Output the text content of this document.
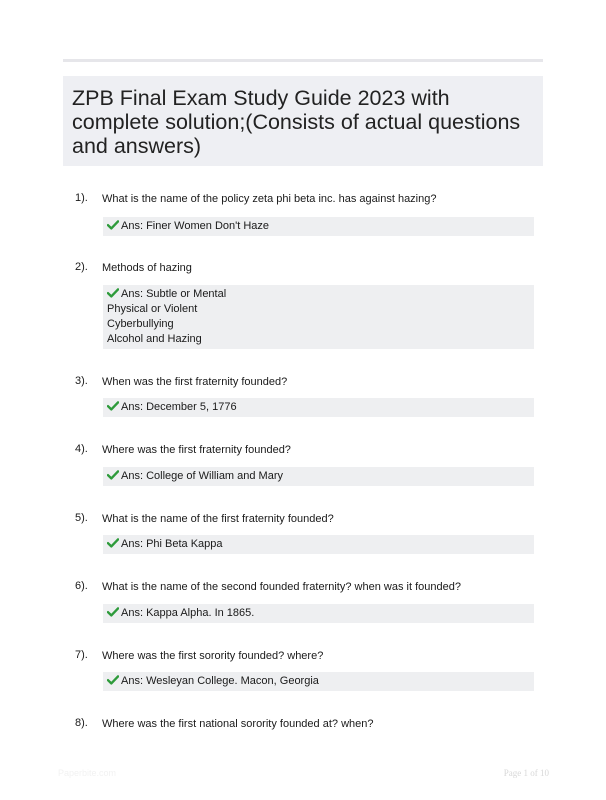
ZPB Final Exam Study Guide 2023 with complete solution;(Consists of actual questions and answers)
1). What is the name of the policy zeta phi beta inc. has against hazing?
Ans: Finer Women Don't Haze
2). Methods of hazing
Ans: Subtle or Mental
Physical or Violent
Cyberbullying
Alcohol and Hazing
3). When was the first fraternity founded?
Ans: December 5, 1776
4). Where was the first fraternity founded?
Ans: College of William and Mary
5). What is the name of the first fraternity founded?
Ans: Phi Beta Kappa
6). What is the name of the second founded fraternity? when was it founded?
Ans: Kappa Alpha. In 1865.
7). Where was the first sorority founded? where?
Ans: Wesleyan College. Macon, Georgia
8). Where was the first national sorority founded at? when?
Paperbite.com	Page 1 of 10
